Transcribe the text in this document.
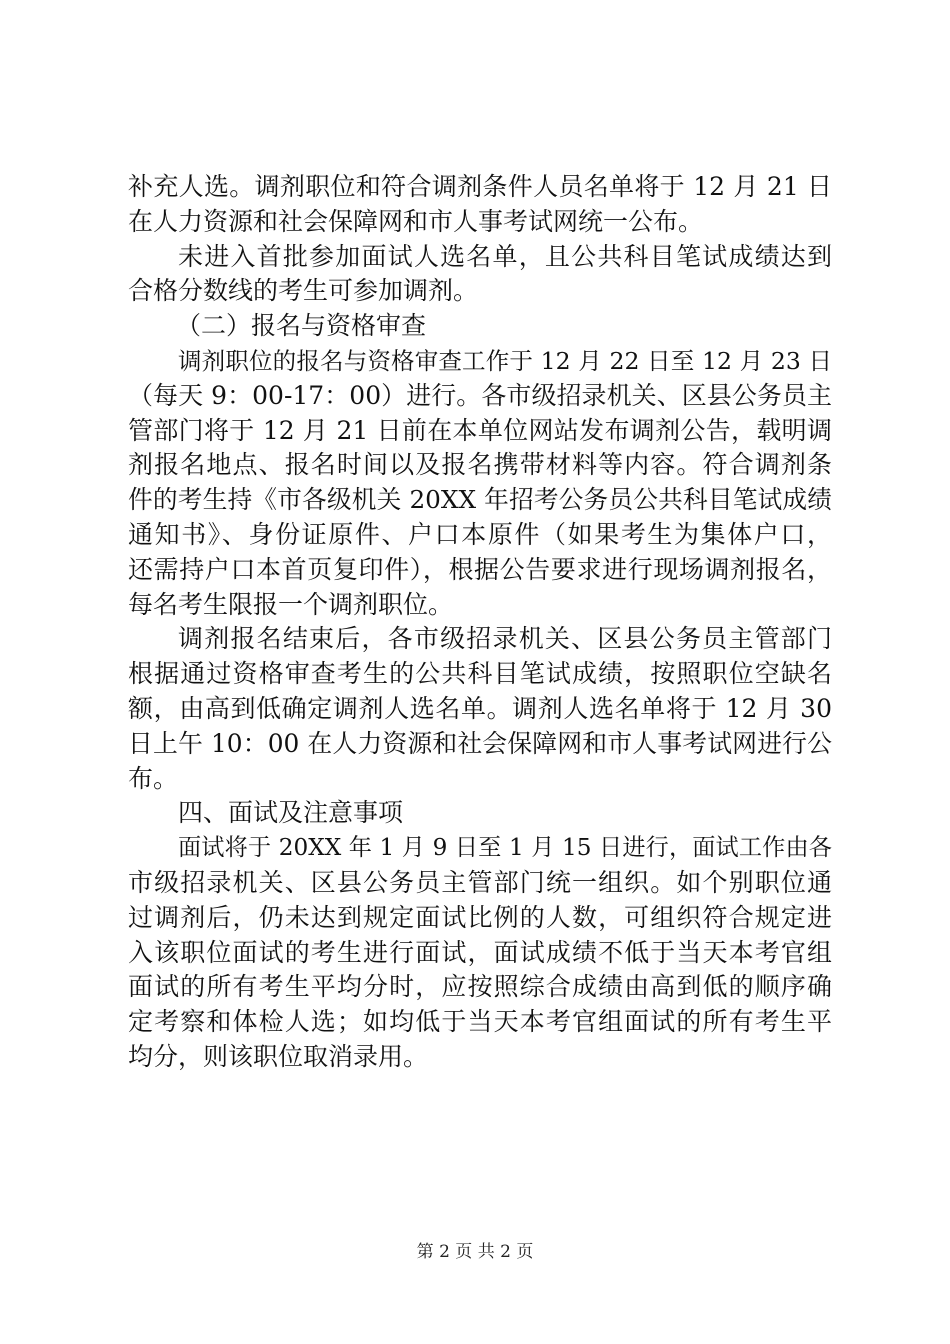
补充人选。调剂职位和符合调剂条件人员名单将于 12 月 21 日
在人力资源和社会保障网和市人事考试网统一公布。
未进入首批参加面试人选名单，且公共科目笔试成绩达到
合格分数线的考生可参加调剂。
（二）报名与资格审查
调剂职位的报名与资格审查工作于 12 月 22 日至 12 月 23 日
（每天 9：00-17：00）进行。各市级招录机关、区县公务员主
管部门将于 12 月 21 日前在本单位网站发布调剂公告，载明调
剂报名地点、报名时间以及报名携带材料等内容。符合调剂条
件的考生持《市各级机关 20XX 年招考公务员公共科目笔试成绩
通知书》、身份证原件、户口本原件（如果考生为集体户口，
还需持户口本首页复印件），根据公告要求进行现场调剂报名，
每名考生限报一个调剂职位。
调剂报名结束后，各市级招录机关、区县公务员主管部门
根据通过资格审查考生的公共科目笔试成绩，按照职位空缺名
额，由高到低确定调剂人选名单。调剂人选名单将于 12 月 30
日上午 10：00 在人力资源和社会保障网和市人事考试网进行公
布。
四、面试及注意事项
面试将于 20XX 年 1 月 9 日至 1 月 15 日进行，面试工作由各
市级招录机关、区县公务员主管部门统一组织。如个别职位通
过调剂后，仍未达到规定面试比例的人数，可组织符合规定进
入该职位面试的考生进行面试，面试成绩不低于当天本考官组
面试的所有考生平均分时，应按照综合成绩由高到低的顺序确
定考察和体检人选；如均低于当天本考官组面试的所有考生平
均分，则该职位取消录用。
第 2 页 共 2 页
